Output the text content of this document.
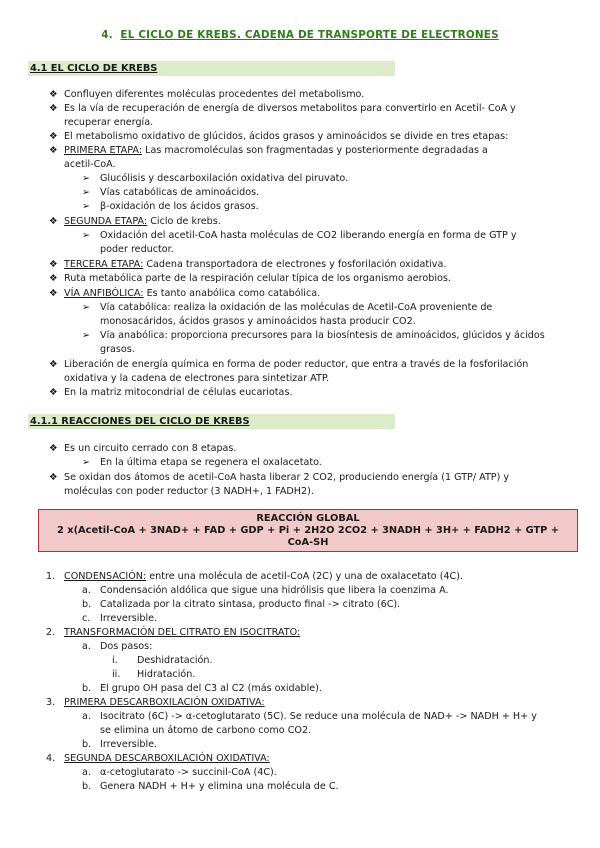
4. EL CICLO DE KREBS. CADENA DE TRANSPORTE DE ELECTRONES
4.1 EL CICLO DE KREBS
❖ Confluyen diferentes moléculas procedentes del metabolismo.
❖ Es la vía de recuperación de energía de diversos metabolitos para convertirlo en Acetil- CoA y
recuperar energía.
❖ El metabolismo oxidativo de glúcidos, ácidos grasos y aminoácidos se divide en tres etapas:
❖ PRIMERA ETAPA: Las macromoléculas son fragmentadas y posteriormente degradadas a
acetil-CoA.
➢ Glucólisis y descarboxilación oxidativa del piruvato.
➢ Vías catabólicas de aminoácidos.
➢ β-oxidación de los ácidos grasos.
❖ SEGUNDA ETAPA: Ciclo de krebs.
➢ Oxidación del acetil-CoA hasta moléculas de CO2 liberando energía en forma de GTP y
poder reductor.
❖ TERCERA ETAPA: Cadena transportadora de electrones y fosforilación oxidativa.
❖ Ruta metabólica parte de la respiración celular típica de los organismo aerobios.
❖ VÍA ANFIBÓLICA: Es tanto anabólica como catabólica.
➢ Vía catabólica: realiza la oxidación de las moléculas de Acetil-CoA proveniente de
monosacáridos, ácidos grasos y aminoácidos hasta producir CO2.
➢ Vía anabólica: proporciona precursores para la biosíntesis de aminoácidos, glúcidos y ácidos
grasos.
❖ Liberación de energía química en forma de poder reductor, que entra a través de la fosforilación
oxidativa y la cadena de electrones para sintetizar ATP.
❖ En la matriz mitocondrial de células eucariotas.
4.1.1 REACCIONES DEL CICLO DE KREBS
❖ Es un circuito cerrado con 8 etapas.
➢ En la última etapa se regenera el oxalacetato.
❖ Se oxidan dos átomos de acetil-CoA hasta liberar 2 CO2, produciendo energía (1 GTP/ ATP) y
moléculas con poder reductor (3 NADH+, 1 FADH2).
REACCIÓN GLOBAL
2 x(Acetil-CoA + 3NAD+ + FAD + GDP + Pi + 2H2O 2CO2 + 3NADH + 3H+ + FADH2 + GTP +
CoA-SH
1. CONDENSACIÓN: entre una molécula de acetil-CoA (2C) y una de oxalacetato (4C).
a. Condensación aldólica que sigue una hidrólisis que libera la coenzima A.
b. Catalizada por la citrato sintasa, producto final -> citrato (6C).
c. Irreversible.
2. TRANSFORMACIÓN DEL CITRATO EN ISOCITRATO:
a. Dos pasos:
i. Deshidratación.
ii. Hidratación.
b. El grupo OH pasa del C3 al C2 (más oxidable).
3. PRIMERA DESCARBOXILACIÓN OXIDATIVA:
a. Isocitrato (6C) -> α-cetoglutarato (5C). Se reduce una molécula de NAD+ -> NADH + H+ y
se elimina un átomo de carbono como CO2.
b. Irreversible.
4. SEGUNDA DESCARBOXILACIÓN OXIDATIVA:
a. α-cetoglutarato -> succinil-CoA (4C).
b. Genera NADH + H+ y elimina una molécula de C.
